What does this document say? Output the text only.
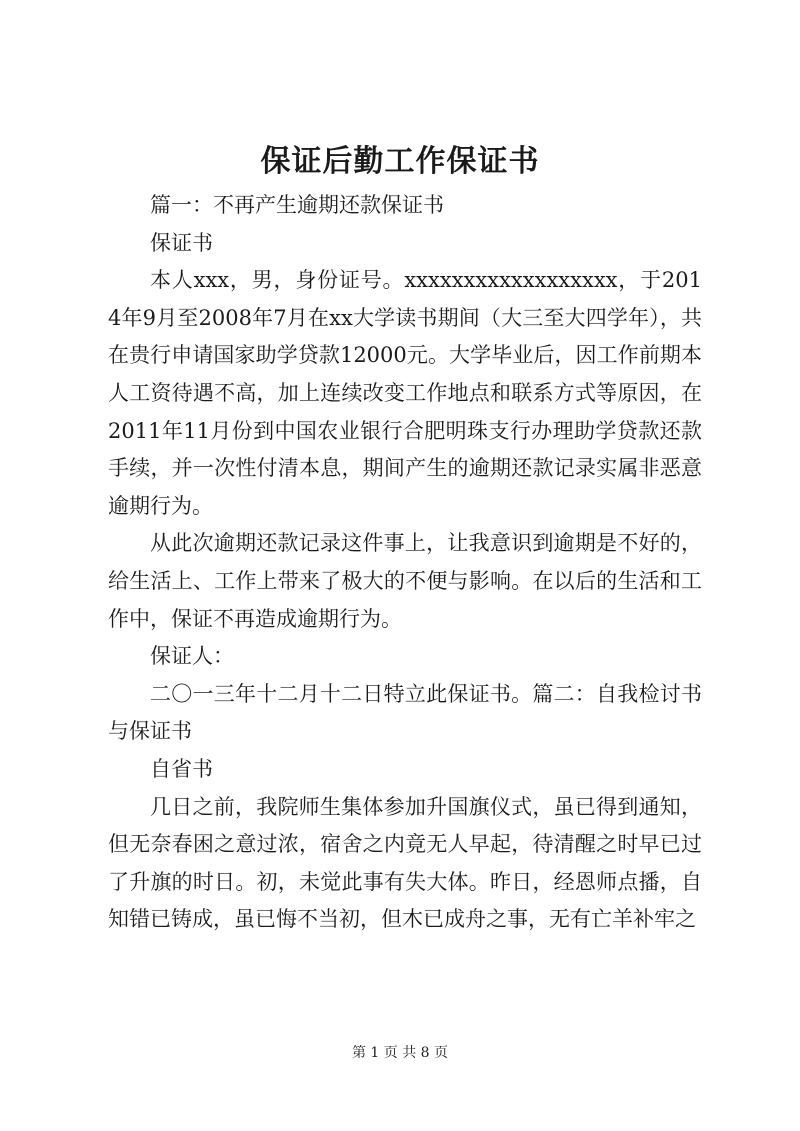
保证后勤工作保证书

篇一：不再产生逾期还款保证书

保证书

本人xxx，男，身份证号。xxxxxxxxxxxxxxxxxx，于2014年9月至2008年7月在xx大学读书期间（大三至大四学年），共在贵行申请国家助学贷款12000元。大学毕业后，因工作前期本人工资待遇不高，加上连续改变工作地点和联系方式等原因，在2011年11月份到中国农业银行合肥明珠支行办理助学贷款还款手续，并一次性付清本息，期间产生的逾期还款记录实属非恶意逾期行为。

从此次逾期还款记录这件事上，让我意识到逾期是不好的，给生活上、工作上带来了极大的不便与影响。在以后的生活和工作中，保证不再造成逾期行为。

保证人：

二〇一三年十二月十二日特立此保证书。篇二：自我检讨书与保证书

自省书

几日之前，我院师生集体参加升国旗仪式，虽已得到通知，但无奈春困之意过浓，宿舍之内竟无人早起，待清醒之时早已过了升旗的时日。初，未觉此事有失大体。昨日，经恩师点播，自知错已铸成，虽已悔不当初，但木已成舟之事，无有亡羊补牢之

第 1 页 共 8 页
